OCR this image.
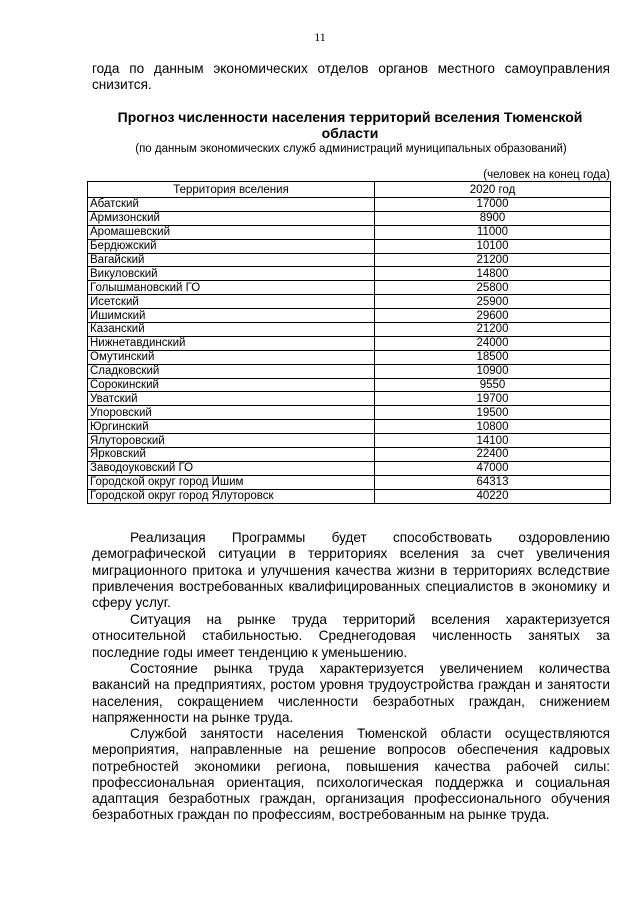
11

года по данным экономических отделов органов местного самоуправления снизится.

Прогноз численности населения территорий вселения Тюменской области
(по данным экономических служб администраций муниципальных образований)
(человек на конец года)
Территория вселения	2020 год
Абатский	17000
Армизонский	8900
Аромашевский	11000
Бердюжский	10100
Вагайский	21200
Викуловский	14800
Голышмановский ГО	25800
Исетский	25900
Ишимский	29600
Казанский	21200
Нижнетавдинский	24000
Омутинский	18500
Сладковский	10900
Сорокинский	9550
Уватский	19700
Упоровский	19500
Юргинский	10800
Ялуторовский	14100
Ярковский	22400
Заводоуковский ГО	47000
Городской округ город Ишим	64313
Городской округ город Ялуторовск	40220

Реализация Программы будет способствовать оздоровлению демографической ситуации в территориях вселения за счет увеличения миграционного притока и улучшения качества жизни в территориях вследствие привлечения востребованных квалифицированных специалистов в экономику и сферу услуг.

Ситуация на рынке труда территорий вселения характеризуется относительной стабильностью. Среднегодовая численность занятых за последние годы имеет тенденцию к уменьшению.

Состояние рынка труда характеризуется увеличением количества вакансий на предприятиях, ростом уровня трудоустройства граждан и занятости населения, сокращением численности безработных граждан, снижением напряженности на рынке труда.

Службой занятости населения Тюменской области осуществляются мероприятия, направленные на решение вопросов обеспечения кадровых потребностей экономики региона, повышения качества рабочей силы: профессиональная ориентация, психологическая поддержка и социальная адаптация безработных граждан, организация профессионального обучения безработных граждан по профессиям, востребованным на рынке труда.
